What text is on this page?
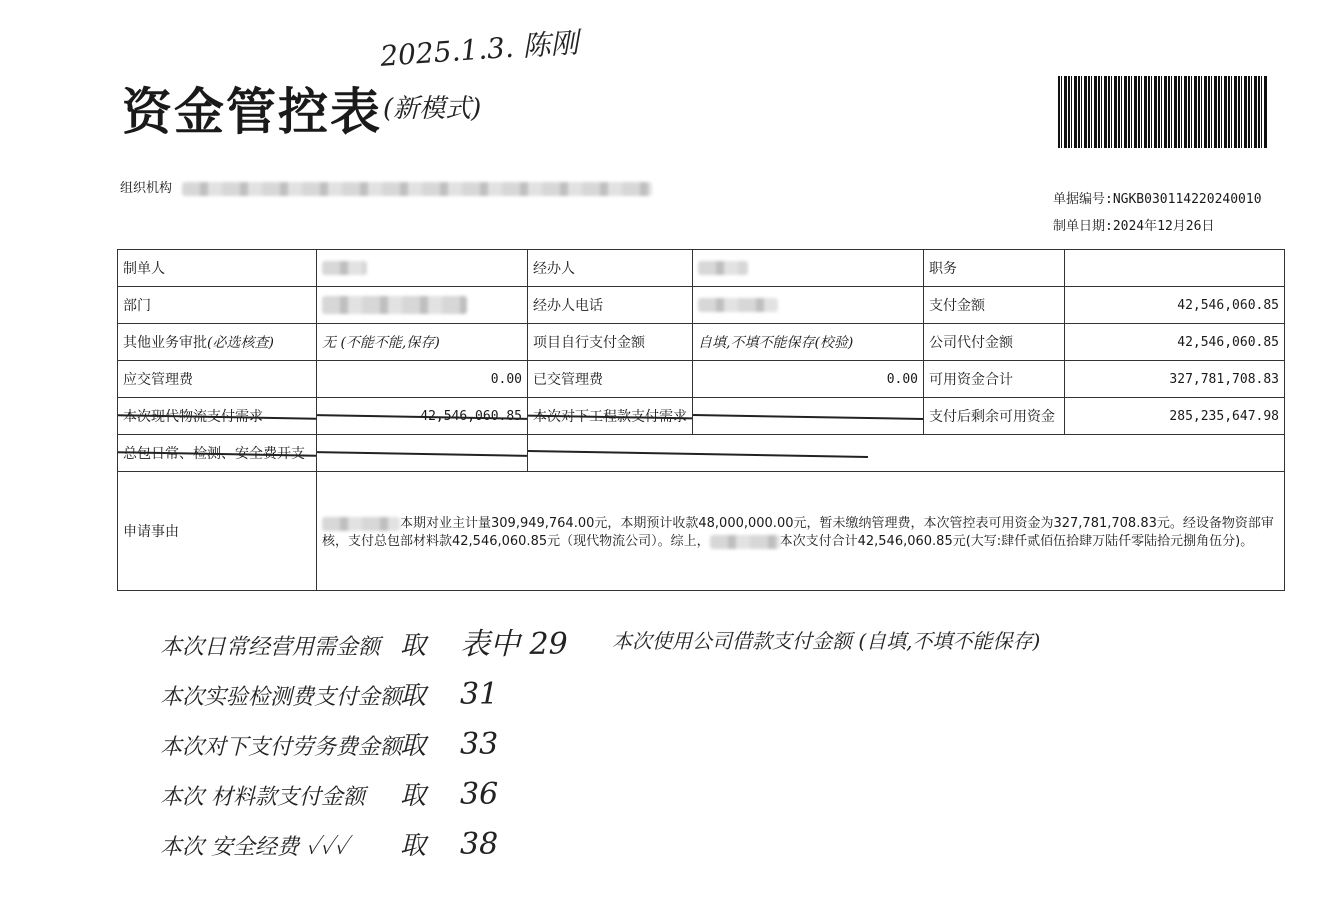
2025.1.3. 陈刚
资金管控表 (新模式)
组织机构
单据编号:NGKB030114220240010
制单日期:2024年12月26日
制单人		经办人		职务	
部门		经办人电话		支付金额	42,546,060.85
其他业务审批(必选核查)	无 (不能不能,保存)	项目自行支付金额	自填,不填不能保存(校验)	公司代付金额	42,546,060.85
应交管理费	0.00	已交管理费	0.00	可用资金合计	327,781,708.83
本次现代物流支付需求	42,546,060.85	本次对下工程款支付需求		支付后剩余可用资金	285,235,647.98
总包日常、检测、安全费开支			

申请事由	本期对业主计量309,949,764.00元，本期预计收款48,000,000.00元，暂未缴纳管理费，本次管控表可用资金为327,781,708.83元。经设备物资部审核，支付总包部材料款42,546,060.85元（现代物流公司）。综上， 本次支付合计42,546,060.85元(大写:肆仟贰佰伍拾肆万陆仟零陆拾元捌角伍分)。				
本次日常经营用需金额 取 表中 29
本次实验检测费支付金额取 31
本次对下支付劳务费金额取 33
本次 材料款支付金额 取 36
本次 安全经费 ✓✓✓ 取 38
本次使用公司借款支付金额 (自填,不填不能保存)
